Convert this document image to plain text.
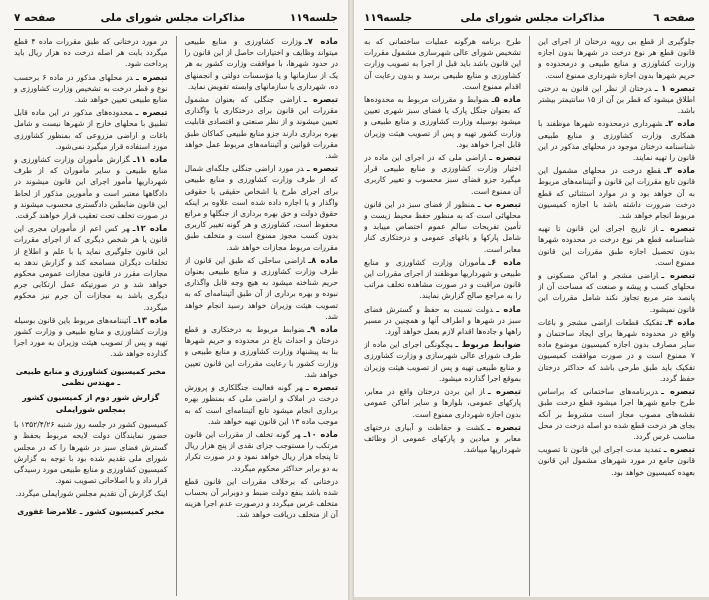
جلسه۱۱۹
مذاکرات مجلس شورای ملی
صفحه ۷

ماده ۷ـوزارت کشاورزی و منابع طبیعی میتواند وظایف و اختیارات حاصل از این قانون را در حدود شهرها، با موافقت وزارت کشور به هر یک از سازمانها و یا مؤسسات دولتی و انجمنهای ده، شهرداری یا سازمانهای وابسته تفویض نماید.

تبصره ـاراضی جنگلی که بعنوان مشمول مقررات این قانون برای درختکاری یا واگذاری تعیین میشوند و از نظر صنعتی و اقتصادی قابلیت بهره برداری دارند جزو منابع طبیعی کماکان طبق مقررات قوانین و آئیننامه‌های مربوط عمل خواهد شد.

تبصره ـدر مورد اراضی جنگلی جلگه‌ای شمال که از طرف وزارت کشاورزی و منابع طبیعی برای اجرای طرح یا اشخاص حقیقی یا حقوقی واگذار و یا اجاره داده شده است علاوه بر اینکه حقوق دولت و حق بهره برداری از جنگلها و مراتع محفوظ است، کشاورزی و هر گونه تغییر کاربری بدون کسب مجوز ممنوع است و متخلف طبق مقررات مربوط مجازات خواهد شد.

ماده ۸ـاراضی ساحلی که طبق این قانون از طرف وزارت کشاورزی و منابع طبیعی بعنوان حریم شناخته میشود به هیچ وجه قابل واگذاری نبوده و بهره برداری از آن طبق آئیننامه‌ای که به تصویب هیئت وزیران خواهد رسید انجام خواهد شد.

ماده ۹ـضوابط مربوط به درختکاری و قطع درختان و احداث باغ در محدوده و حریم شهرها بنا به پیشنهاد وزارت کشاورزی و منابع طبیعی و وزارت کشور با رعایت مقررات این قانون تعیین خواهد شد.

تبصره ـهر گونه فعالیت جنگلکاری و پرورش درخت در املاک و اراضی ملی که بمنظور بهره برداری انجام میشود تابع آئیننامه‌ای است که به موجب ماده ۱۳ این قانون تهیه خواهد شد.

ماده ۱۰ـهر گونه تخلف از مقررات این قانون مرتکب را مستوجب جزای نقدی از پنج هزار ریال تا پنجاه هزار ریال خواهد نمود و در صورت تکرار به دو برابر حداکثر محکوم میگردد.

درختانی که برخلاف مقررات این قانون قطع شده باشد بنفع دولت ضبط و دوبرابر آن بحساب متخلف غرس میگردد و درصورت عدم اجرا هزینه آن از متخلف دریافت خواهد شد.

در مورد درختانی که طبق مقررات ماده ۴ قطع میگردد بابت هر اصله درخت ده هزار ریال باید پرداخت شود.

تبصره ـدر محلهای مذکور در ماده ۶ برحسب نوع و قطر درخت به تشخیص وزارت کشاورزی و منابع طبیعی تعیین خواهد شد.

تبصره ـمحدوده‌های مذکور در این ماده قابل تطبیق با محلهای خارج از شهرها نیست و شامل باغات و اراضی مزروعی که بمنظور کشاورزی مورد استفاده قرار میگیرد نمی‌شود.

ماده ۱۱ـگزارش مأموران وزارت کشاورزی و منابع طبیعی و سایر مأموران که از طرف شهرداریها مأمور اجرای این قانون میشوند در دادگاهها معتبر است و مأمورین مذکور از لحاظ این قانون ضابطین دادگستری محسوب میشوند و در صورت تخلف تحت تعقیب قرار خواهند گرفت.

ماده ۱۲ـهر کس اعم از مأموران مجری این قانون یا هر شخص دیگری که از اجرای مقررات این قانون جلوگیری نماید یا با علم و اطلاع از تخلفات دیگران مسامحه کند و گزارش ندهد به مجازات مقرر در قانون مجازات عمومی محکوم خواهد شد و در صورتیکه عمل ارتکابی جرم دیگری باشد به مجازات آن جرم نیز محکوم میگردد.

ماده ۱۳ـآئیننامه‌های مربوط باین قانون بوسیله وزارت کشاورزی و منابع طبیعی و وزارت کشور تهیه و پس از تصویب هیئت وزیران به مورد اجرا گذارده خواهد شد.

مخبر کمیسیون کشاورزی و منابع طبیعی ـ مهندس نظمی

گزارش شور دوم از کمیسیون کشور بمجلس شورایملی

کمیسیون کشور در جلسه روز شنبه ۱۳۵۲/۴/۲۶ با حضور نمایندگان دولت لایحه مربوط بحفظ و گسترش فضای سبز در شهرها را که در مجلس شورای ملی تقدیم شده بود با توجه به گزارش کمیسیون کشاورزی و منابع طبیعی مورد رسیدگی قرار داد و با اصلاحاتی تصویب نمود.

اینک گزارش آن تقدیم مجلس شورایملی میگردد.

مخبر کمیسیون کشور ـ غلامرضا غفوری

صفحه ٦
مذاکرات مجلس شورای ملی
جلسه۱۱۹

جلوگیری از قطع بی رویه درختان از اجرای این قانون قطع هر نوع درخت در شهرها بدون اجازه وزارت کشاورزی و منابع طبیعی و درمحدوده و حریم شهرها بدون اجازه شهرداری ممنوع است.

تبصره ۱ ـدرختان از نظر این قانون به درختی اطلاق میشود که قطر بن آن از ۱۵ سانتیمتر بیشتر باشد.

ماده ۲ـشهرداری درمحدوده شهرها موظفند با همکاری وزارت کشاورزی و منابع طبیعی شناسنامه درختان موجود در محلهای مذکور در این قانون را تهیه نمایند.

ماده ۳ـقطع درخت در محلهای مشمول این قانون تابع مقررات این قانون و آئیننامه‌های مربوط به آن خواهد بود و در موارد استثنائی که قطع درخت ضرورت داشته باشد با اجازه کمیسیون مربوط انجام خواهد شد.

تبصره ـاز تاریخ اجرای این قانون تا تهیه شناسنامه قطع هر نوع درخت در محدوده شهرها بدون تحصیل اجازه طبق مقررات این قانون ممنوع است.

تبصره ـاراضی مشجر و اماکن مسکونی و محلهای کسب و پیشه و صنعت که مساحت آن از پانصد متر مربع تجاوز نکند شامل مقررات این قانون نمیشود.

ماده ۴ـتفکیک قطعات اراضی مشجر و باغات واقع در محدوده شهرها برای ایجاد ساختمان و سایر مصارف بدون اجازه کمیسیون موضوع ماده ۷ ممنوع است و در صورت موافقت کمیسیون تفکیک باید طبق طرحی باشد که حداکثر درختان حفظ گردد.

تبصره ـدربرنامه‌های ساختمانی که براساس طرح جامع شهرها اجرا میشود قطع درخت طبق نقشه‌های مصوب مجاز است مشروط بر آنکه بجای هر درخت قطع شده دو اصله درخت در محل مناسب غرس گردد.

تبصره ـتمدید مدت اجرای این قانون تا تصویب قانون جامع در مورد شهرهای مشمول این قانون بعهده کمیسیون خواهد بود.

طرح برنامه هرگونه عملیات ساختمانی که به تشخیص شورای عالی شهرسازی مشمول مقررات این قانون باشد باید قبل از اجرا به تصویب وزارت کشاورزی و منابع طبیعی برسد و بدون رعایت آن اقدام ممنوع است.

ماده ۵ـضوابط و مقررات مربوط به محدوده‌ها که بعنوان جنگل پارک یا فضای سبز شهری تعیین میشود بوسیله وزارت کشاورزی و منابع طبیعی و وزارت کشور تهیه و پس از تصویب هیئت وزیران قابل اجرا خواهد بود.

تبصره ـاراضی ملی که در اجرای این ماده در اختیار وزارت کشاورزی و منابع طبیعی قرار میگیرد جزو فضای سبز محسوب و تغییر کاربری آن ممنوع است.

تبصره ب ـمنظور از فضای سبز در این قانون محلهائی است که به منظور حفظ محیط زیست و تأمین تفریحات سالم عموم اختصاص مییابد و شامل پارکها و باغهای عمومی و درختکاری کنار معابر است.

ماده ۶ـمأموران وزارت کشاورزی و منابع طبیعی و شهرداریها موظفند از اجرای مقررات این قانون مراقبت و در صورت مشاهده تخلف مراتب را به مراجع صالح گزارش نمایند.

ماده ـدولت نسبت به حفظ و گسترش فضای سبز در شهرها و اطراف آنها و همچنین در مسیر راهها و جاده‌ها اقدام لازم بعمل خواهد آورد.

ضوابط مربوط ـبچگونگی اجرای این ماده از طرف شورای عالی شهرسازی و وزارت کشاورزی و منابع طبیعی تهیه و پس از تصویب هیئت وزیران بموقع اجرا گذارده میشود.

تبصره ـاز این بردن درختان واقع در معابر، پارکهای عمومی، بلوارها و سایر اماکن عمومی بدون اجازه شهرداری ممنوع است.

تبصره ـکشت و حفاظت و آبیاری درختهای معابر و میادین و پارکهای عمومی از وظائف شهرداریها میباشد.
